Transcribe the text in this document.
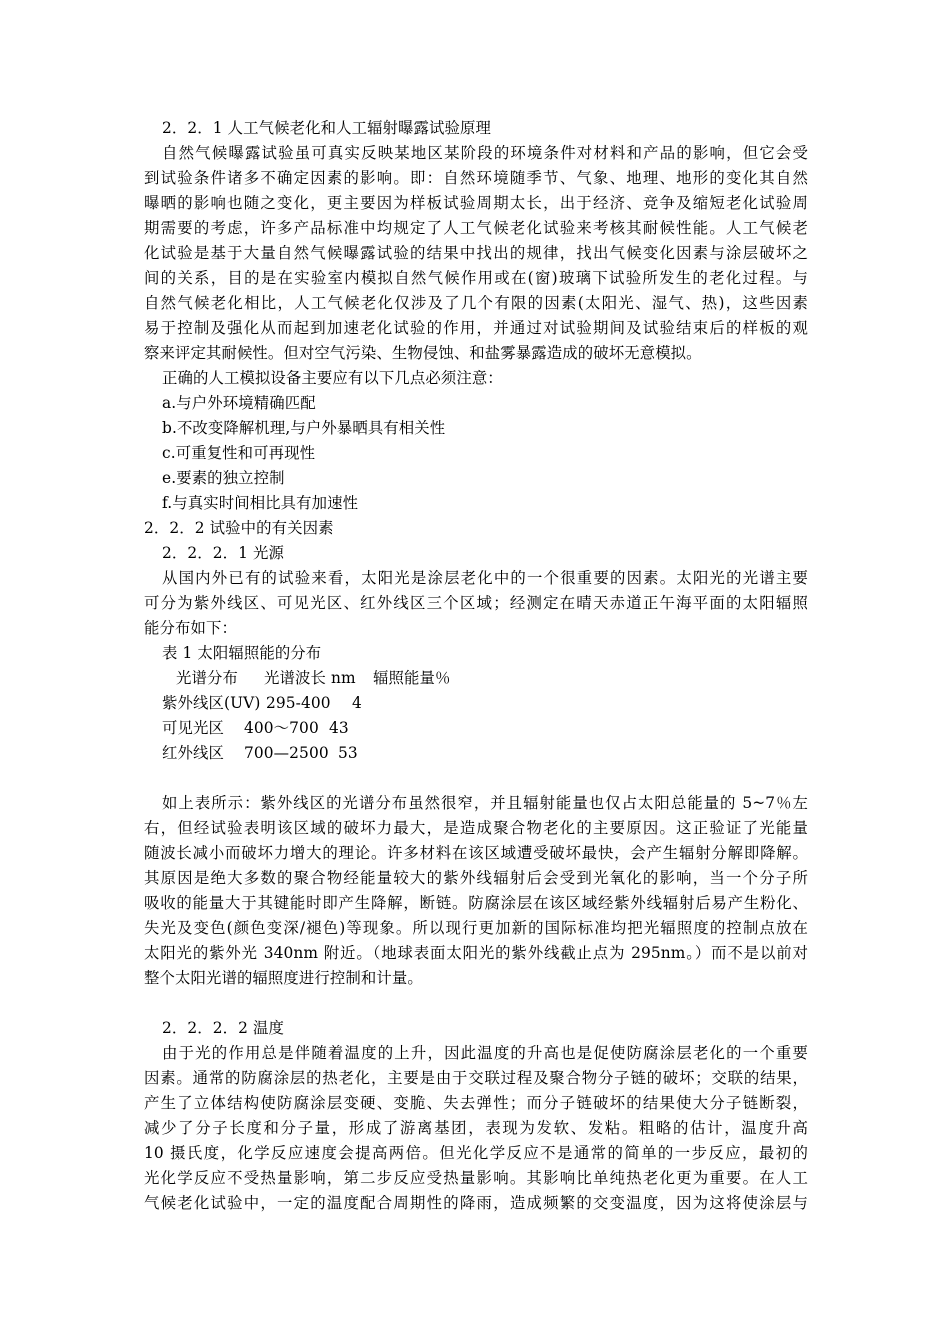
2．2．1 人工气候老化和人工辐射曝露试验原理
自然气候曝露试验虽可真实反映某地区某阶段的环境条件对材料和产品的影响，但它会受
到试验条件诸多不确定因素的影响。即：自然环境随季节、气象、地理、地形的变化其自然
曝晒的影响也随之变化，更主要因为样板试验周期太长，出于经济、竞争及缩短老化试验周
期需要的考虑，许多产品标准中均规定了人工气候老化试验来考核其耐候性能。人工气候老
化试验是基于大量自然气候曝露试验的结果中找出的规律，找出气候变化因素与涂层破坏之
间的关系，目的是在实验室内模拟自然气候作用或在(窗)玻璃下试验所发生的老化过程。与
自然气候老化相比，人工气候老化仅涉及了几个有限的因素(太阳光、湿气、热)，这些因素
易于控制及强化从而起到加速老化试验的作用，并通过对试验期间及试验结束后的样板的观
察来评定其耐候性。但对空气污染、生物侵蚀、和盐雾暴露造成的破坏无意模拟。
正确的人工模拟设备主要应有以下几点必须注意：
a.与户外环境精确匹配
b.不改变降解机理,与户外暴晒具有相关性
c.可重复性和可再现性
e.要素的独立控制
f.与真实时间相比具有加速性
2．2．2 试验中的有关因素
2．2．2．1 光源
从国内外已有的试验来看，太阳光是涂层老化中的一个很重要的因素。太阳光的光谱主要
可分为紫外线区、可见光区、红外线区三个区域；经测定在晴天赤道正午海平面的太阳辐照
能分布如下：
表 1 太阳辐照能的分布
光谱分布 光谱波长 nm 辐照能量％
紫外线区(UV) 295-400 4
可见光区 400～700 43
红外线区 700—2500 53
如上表所示：紫外线区的光谱分布虽然很窄，并且辐射能量也仅占太阳总能量的 5~7％左
右，但经试验表明该区域的破坏力最大，是造成聚合物老化的主要原因。这正验证了光能量
随波长减小而破坏力增大的理论。许多材料在该区域遭受破坏最快，会产生辐射分解即降解。
其原因是绝大多数的聚合物经能量较大的紫外线辐射后会受到光氧化的影响，当一个分子所
吸收的能量大于其键能时即产生降解，断链。防腐涂层在该区域经紫外线辐射后易产生粉化、
失光及变色(颜色变深/褪色)等现象。所以现行更加新的国际标准均把光辐照度的控制点放在
太阳光的紫外光 340nm 附近。（地球表面太阳光的紫外线截止点为 295nm。）而不是以前对
整个太阳光谱的辐照度进行控制和计量。
2．2．2．2 温度
由于光的作用总是伴随着温度的上升，因此温度的升高也是促使防腐涂层老化的一个重要
因素。通常的防腐涂层的热老化，主要是由于交联过程及聚合物分子链的破坏；交联的结果，
产生了立体结构使防腐涂层变硬、变脆、失去弹性；而分子链破坏的结果使大分子链断裂，
减少了分子长度和分子量，形成了游离基团，表现为发软、发粘。粗略的估计，温度升高
10 摄氏度，化学反应速度会提高两倍。但光化学反应不是通常的简单的一步反应，最初的
光化学反应不受热量影响，第二步反应受热量影响。其影响比单纯热老化更为重要。在人工
气候老化试验中，一定的温度配合周期性的降雨，造成频繁的交变温度，因为这将使涂层与
